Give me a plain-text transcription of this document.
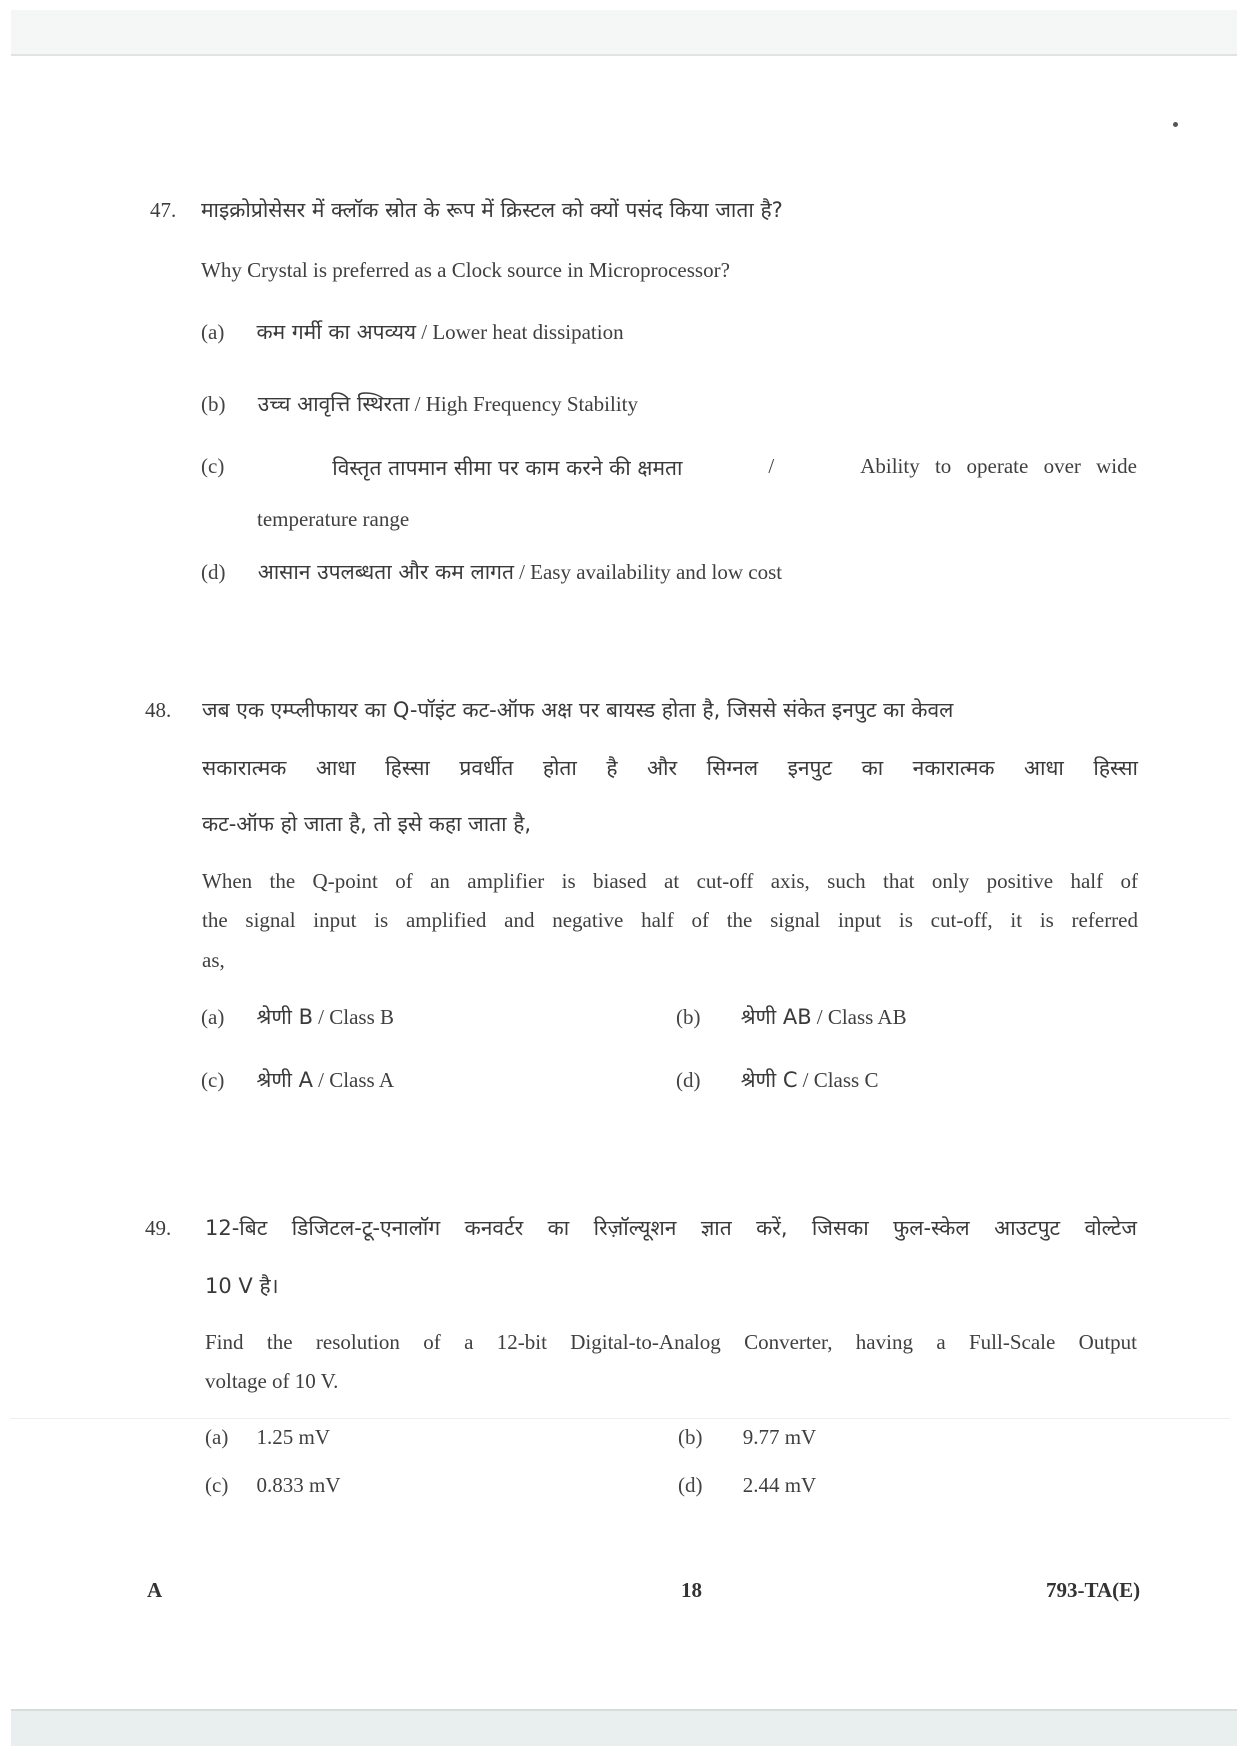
47. माइक्रोप्रोसेसर में क्लॉक स्रोत के रूप में क्रिस्टल को क्यों पसंद किया जाता है?
Why Crystal is preferred as a Clock source in Microprocessor?
(a) कम गर्मी का अपव्यय / Lower heat dissipation
(b) उच्च आवृत्ति स्थिरता / High Frequency Stability
(c)	विस्तृत तापमान सीमा पर काम करने की क्षमता	/	Ability to operate over wide
temperature range
(d) आसान उपलब्धता और कम लागत / Easy availability and low cost
48. जब एक एम्प्लीफायर का Q-पॉइंट कट-ऑफ अक्ष पर बायस्ड होता है, जिससे संकेत इनपुट का केवल
सकारात्मक आधा हिस्सा प्रवर्धीत होता है और सिग्नल इनपुट का नकारात्मक आधा हिस्सा
कट-ऑफ हो जाता है, तो इसे कहा जाता है,
When the Q-point of an amplifier is biased at cut-off axis, such that only positive half of
the signal input is amplified and negative half of the signal input is cut-off, it is referred
as,
(a) श्रेणी B / Class B	(b) श्रेणी AB / Class AB
(c) श्रेणी A / Class A	(d) श्रेणी C / Class C
49. 12-बिट डिजिटल-टू-एनालॉग कनवर्टर का रिज़ॉल्यूशन ज्ञात करें, जिसका फुल-स्केल आउटपुट वोल्टेज
10 V है।
Find the resolution of a 12-bit Digital-to-Analog Converter, having a Full-Scale Output
voltage of 10 V.
(a) 1.25 mV	(b) 9.77 mV
(c) 0.833 mV	(d) 2.44 mV
A	18	793-TA(E)
